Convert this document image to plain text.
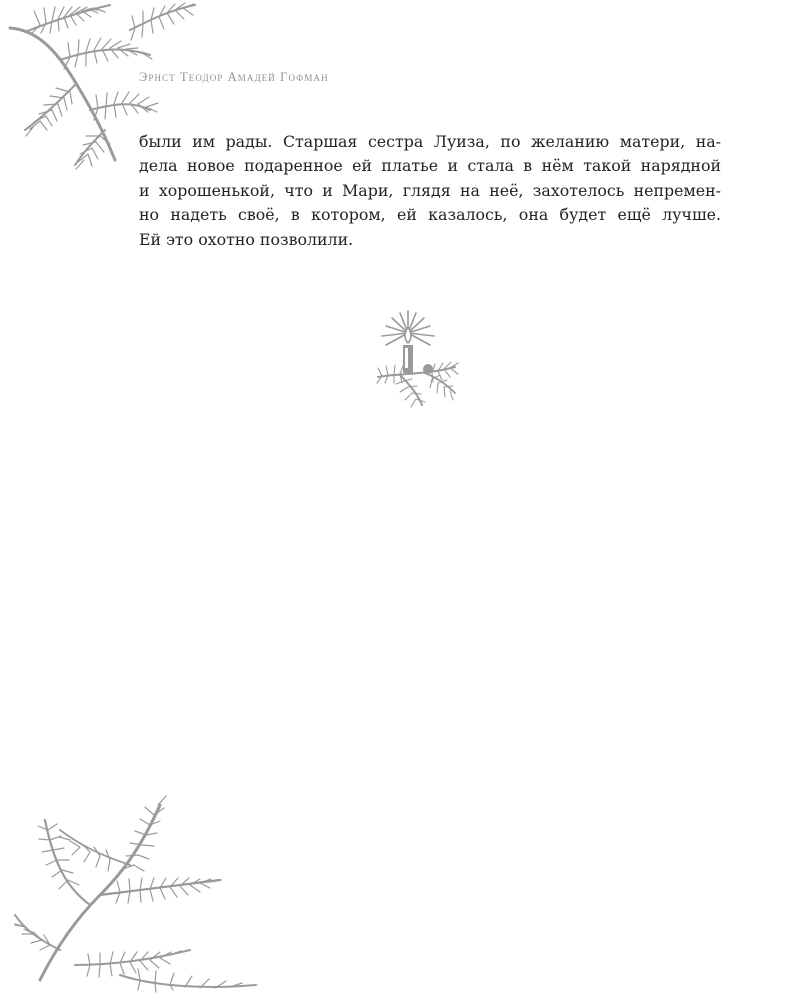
Эрнст Теодор Амадей Гофман
были им рады. Старшая сестра Луиза, по желанию матери, на-
дела новое подаренное ей платье и стала в нём такой нарядной
и хорошенькой, что и Мари, глядя на неё, захотелось непремен-
но надеть своё, в котором, ей казалось, она будет ещё лучше.
Ей это охотно позволили.
